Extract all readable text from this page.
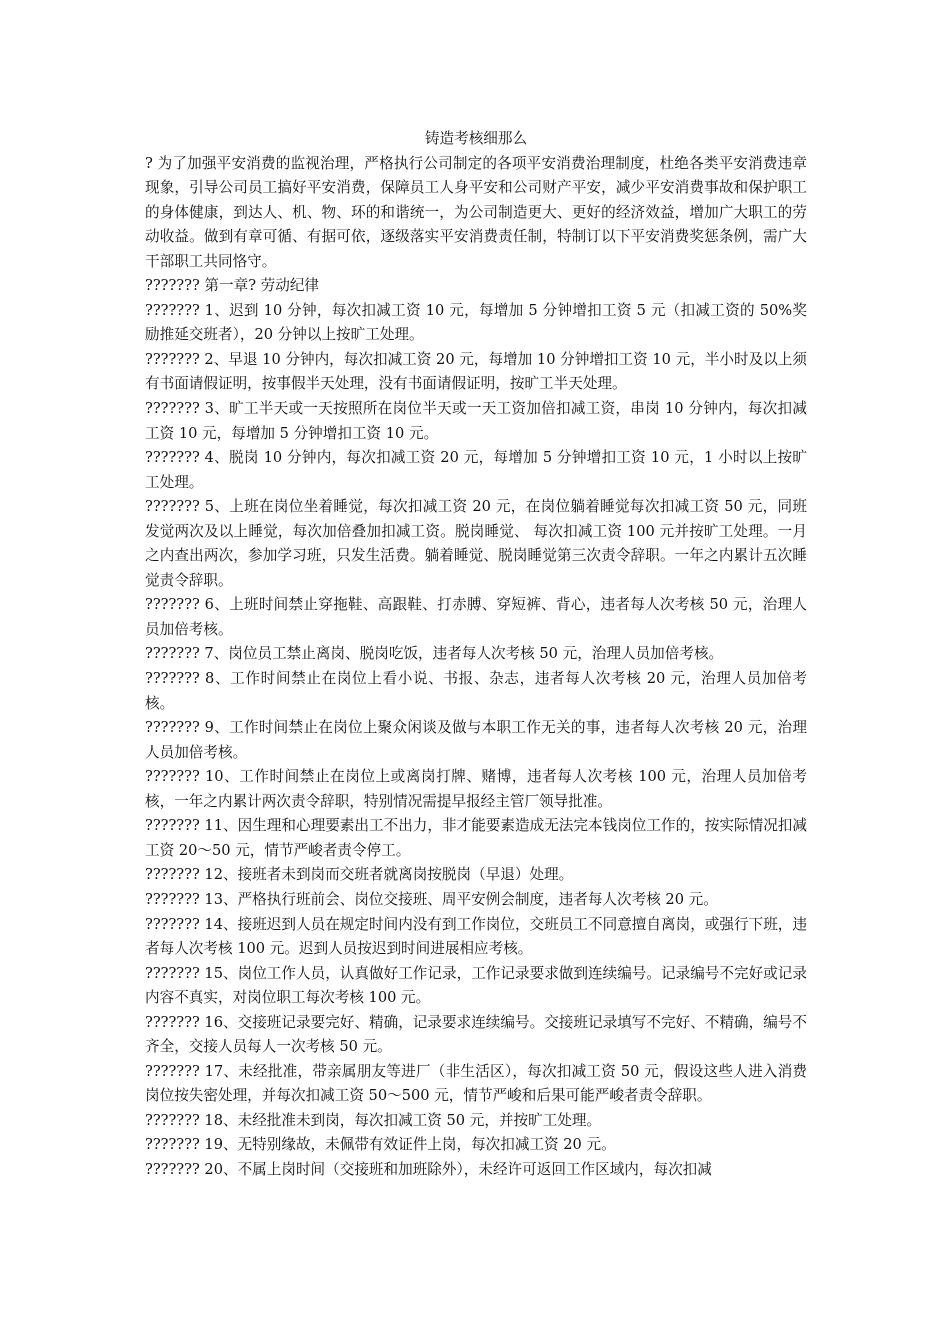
铸造考核细那么

? 为了加强平安消费的监视治理，严格执行公司制定的各项平安消费治理制度，杜绝各类平安消费违章现象，引导公司员工搞好平安消费，保障员工人身平安和公司财产平安，减少平安消费事故和保护职工的身体健康，到达人、机、物、环的和谐统一，为公司制造更大、更好的经济效益，增加广大职工的劳动收益。做到有章可循、有据可依，逐级落实平安消费责任制，特制订以下平安消费奖惩条例，需广大干部职工共同恪守。

??????? 第一章? 劳动纪律

??????? 1、迟到 10 分钟，每次扣减工资 10 元，每增加 5 分钟增扣工资 5 元（扣减工资的 50%奖励推延交班者），20 分钟以上按旷工处理。

??????? 2、早退 10 分钟内，每次扣减工资 20 元，每增加 10 分钟增扣工资 10 元，半小时及以上须有书面请假证明，按事假半天处理，没有书面请假证明，按旷工半天处理。

??????? 3、旷工半天或一天按照所在岗位半天或一天工资加倍扣减工资，串岗 10 分钟内，每次扣减工资 10 元，每增加 5 分钟增扣工资 10 元。

??????? 4、脱岗 10 分钟内，每次扣减工资 20 元，每增加 5 分钟增扣工资 10 元，1 小时以上按旷工处理。

??????? 5、上班在岗位坐着睡觉，每次扣减工资 20 元，在岗位躺着睡觉每次扣减工资 50 元，同班发觉两次及以上睡觉，每次加倍叠加扣减工资。脱岗睡觉、 每次扣减工资 100 元并按旷工处理。一月之内查出两次，参加学习班，只发生活费。躺着睡觉、脱岗睡觉第三次责令辞职。一年之内累计五次睡觉责令辞职。

??????? 6、上班时间禁止穿拖鞋、高跟鞋、打赤膊、穿短裤、背心，违者每人次考核 50 元，治理人员加倍考核。

??????? 7、岗位员工禁止离岗、脱岗吃饭，违者每人次考核 50 元，治理人员加倍考核。

??????? 8、工作时间禁止在岗位上看小说、书报、杂志，违者每人次考核 20 元，治理人员加倍考核。

??????? 9、工作时间禁止在岗位上聚众闲谈及做与本职工作无关的事，违者每人次考核 20 元，治理人员加倍考核。

??????? 10、工作时间禁止在岗位上或离岗打牌、赌博，违者每人次考核 100 元，治理人员加倍考核，一年之内累计两次责令辞职，特别情况需提早报经主管厂领导批准。

??????? 11、因生理和心理要素出工不出力，非才能要素造成无法完本钱岗位工作的，按实际情况扣减工资 20～50 元，情节严峻者责令停工。

??????? 12、接班者未到岗而交班者就离岗按脱岗（早退）处理。

??????? 13、严格执行班前会、岗位交接班、周平安例会制度，违者每人次考核 20 元。

??????? 14、接班迟到人员在规定时间内没有到工作岗位，交班员工不同意擅自离岗，或强行下班，违者每人次考核 100 元。迟到人员按迟到时间进展相应考核。

??????? 15、岗位工作人员，认真做好工作记录，工作记录要求做到连续编号。记录编号不完好或记录内容不真实，对岗位职工每次考核 100 元。

??????? 16、交接班记录要完好、精确，记录要求连续编号。交接班记录填写不完好、不精确，编号不齐全，交接人员每人一次考核 50 元。

??????? 17、未经批准，带亲属朋友等进厂（非生活区），每次扣减工资 50 元，假设这些人进入消费岗位按失密处理，并每次扣减工资 50～500 元，情节严峻和后果可能严峻者责令辞职。

??????? 18、未经批准未到岗，每次扣减工资 50 元，并按旷工处理。

??????? 19、无特别缘故，未佩带有效证件上岗，每次扣减工资 20 元。

??????? 20、不属上岗时间（交接班和加班除外），未经许可返回工作区域内，每次扣减
